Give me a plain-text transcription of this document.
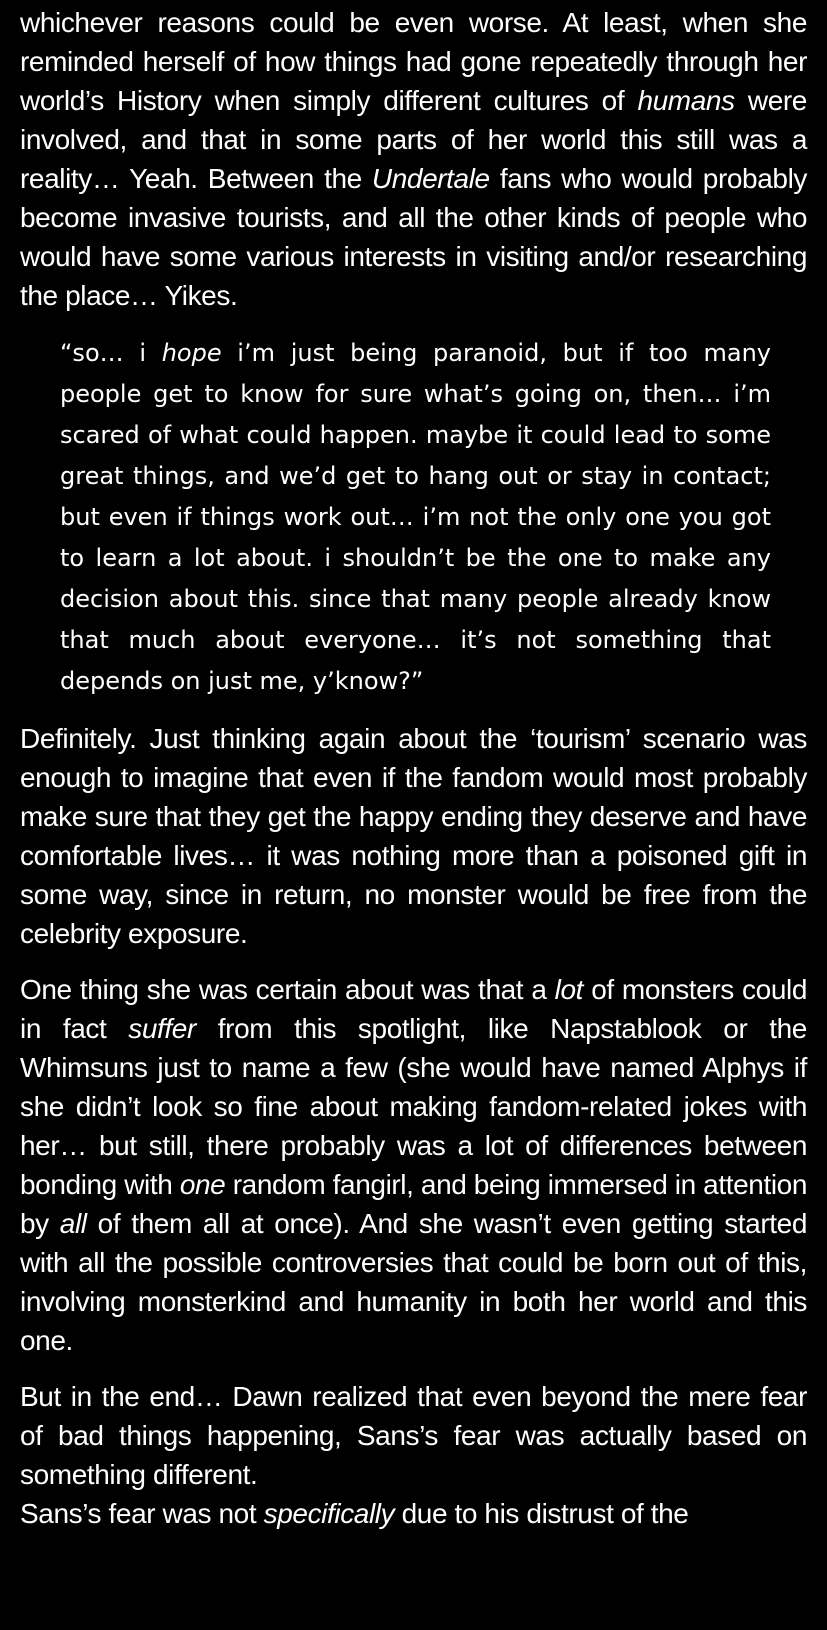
whichever reasons could be even worse. At least, when she reminded herself of how things had gone repeatedly through her world’s History when simply different cultures of humans were involved, and that in some parts of her world this still was a reality… Yeah. Between the Undertale fans who would probably become invasive tourists, and all the other kinds of people who would have some various interests in visiting and/or researching the place… Yikes.

“so… i hope i’m just being paranoid, but if too many people get to know for sure what’s going on, then… i’m scared of what could happen. maybe it could lead to some great things, and we’d get to hang out or stay in contact; but even if things work out… i’m not the only one you got to learn a lot about. i shouldn’t be the one to make any decision about this. since that many people already know that much about everyone… it’s not something that depends on just me, y’know?”

Definitely. Just thinking again about the ‘tourism’ scenario was enough to imagine that even if the fandom would most probably make sure that they get the happy ending they deserve and have comfortable lives… it was nothing more than a poisoned gift in some way, since in return, no monster would be free from the celebrity exposure.

One thing she was certain about was that a lot of monsters could in fact suffer from this spotlight, like Napstablook or the Whimsuns just to name a few (she would have named Alphys if she didn’t look so fine about making fandom-related jokes with her… but still, there probably was a lot of differences between bonding with one random fangirl, and being immersed in attention by all of them all at once). And she wasn’t even getting started with all the possible controversies that could be born out of this, involving monsterkind and humanity in both her world and this one.

But in the end… Dawn realized that even beyond the mere fear of bad things happening, Sans’s fear was actually based on something different.

Sans’s fear was not specifically due to his distrust of the
